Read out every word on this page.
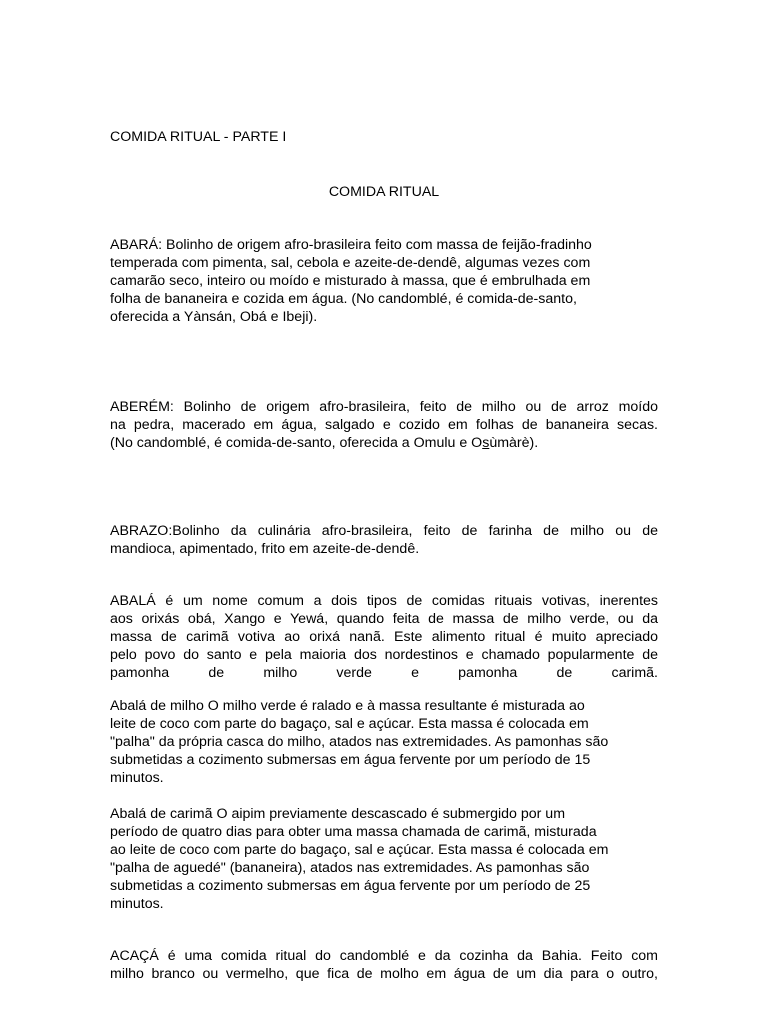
COMIDA RITUAL - PARTE I
COMIDA RITUAL

ABARÁ: Bolinho de origem afro-brasileira feito com massa de feijão-fradinho
temperada com pimenta, sal, cebola e azeite-de-dendê, algumas vezes com
camarão seco, inteiro ou moído e misturado à massa, que é embrulhada em
folha de bananeira e cozida em água. (No candomblé, é comida-de-santo,
oferecida a Yànsán, Obá e Ibeji).

ABERÉM: Bolinho de origem afro-brasileira, feito de milho ou de arroz moído
na pedra, macerado em água, salgado e cozido em folhas de bananeira secas.
(No candomblé, é comida-de-santo, oferecida a Omulu e Osùmàrè).

ABRAZO:Bolinho da culinária afro-brasileira, feito de farinha de milho ou de
mandioca, apimentado, frito em azeite-de-dendê.

ABALÁ é um nome comum a dois tipos de comidas rituais votivas, inerentes
aos orixás obá, Xango e Yewá, quando feita de massa de milho verde, ou da
massa de carimã votiva ao orixá nanã. Este alimento ritual é muito apreciado
pelo povo do santo e pela maioria dos nordestinos e chamado popularmente de
pamonha de milho verde e pamonha de carimã.

Abalá de milho O milho verde é ralado e à massa resultante é misturada ao
leite de coco com parte do bagaço, sal e açúcar. Esta massa é colocada em
"palha" da própria casca do milho, atados nas extremidades. As pamonhas são
submetidas a cozimento submersas em água fervente por um período de 15
minutos.

Abalá de carimã O aipim previamente descascado é submergido por um
período de quatro dias para obter uma massa chamada de carimã, misturada
ao leite de coco com parte do bagaço, sal e açúcar. Esta massa é colocada em
"palha de aguedé" (bananeira), atados nas extremidades. As pamonhas são
submetidas a cozimento submersas em água fervente por um período de 25
minutos.

ACAÇÁ é uma comida ritual do candomblé e da cozinha da Bahia. Feito com
milho branco ou vermelho, que fica de molho em água de um dia para o outro,
